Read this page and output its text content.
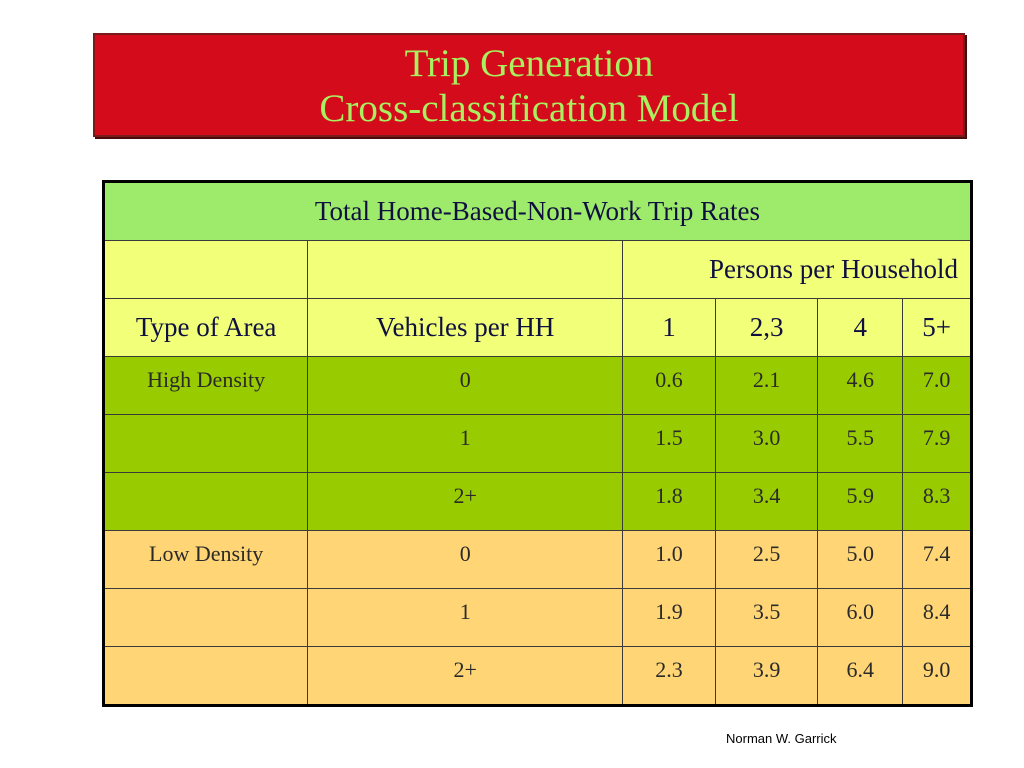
Trip Generation
Cross-classification Model
Total Home-Based-Non-Work Trip Rates					
		Persons per Household			
Type of Area	Vehicles per HH	1	2,3	4	5+
High Density	0	0.6	2.1	4.6	7.0
	1	1.5	3.0	5.5	7.9
	2+	1.8	3.4	5.9	8.3
Low Density	0	1.0	2.5	5.0	7.4
	1	1.9	3.5	6.0	8.4
	2+	2.3	3.9	6.4	9.0
Norman W. Garrick
